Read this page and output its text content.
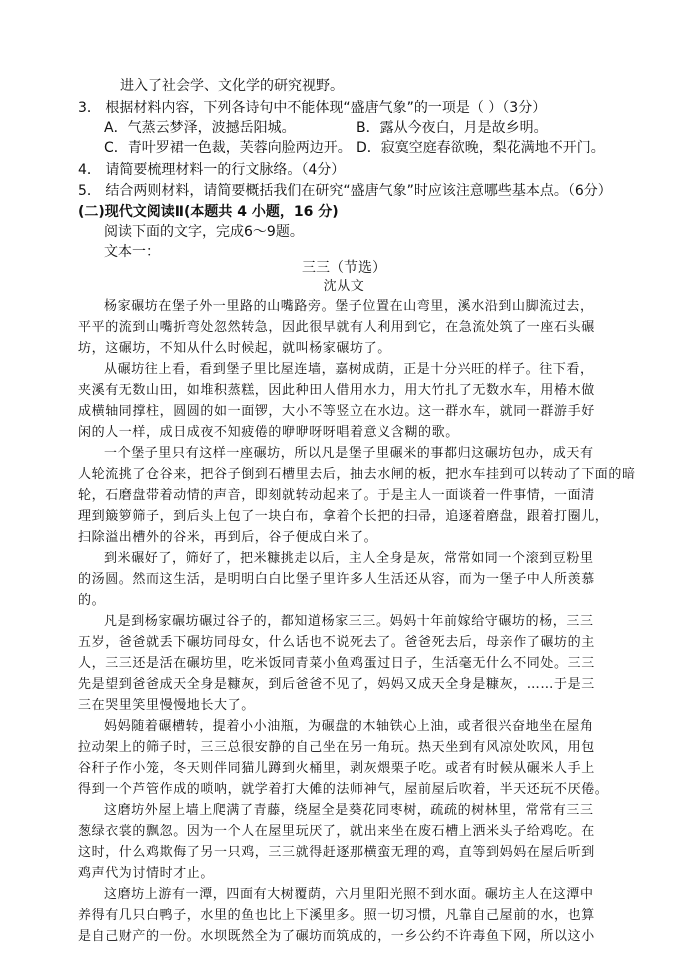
进入了社会学、文化学的研究视野。
3． 根据材料内容，下列各诗句中不能体现“盛唐气象”的一项是（ ）（3分）
A．气蒸云梦泽，波撼岳阳城。	B．露从今夜白，月是故乡明。
C．青叶罗裙一色裁，芙蓉向脸两边开。 D．寂寞空庭春欲晚，梨花满地不开门。
4． 请简要梳理材料一的行文脉络。（4分）
5． 结合两则材料，请简要概括我们在研究“盛唐气象”时应该注意哪些基本点。（6分）
(二)现代文阅读Ⅱ(本题共 4 小题，16 分)
阅读下面的文字，完成6～9题。
文本一：
三三（节选）
沈从文
杨家碾坊在堡子外一里路的山嘴路旁。堡子位置在山弯里，溪水沿到山脚流过去，
平平的流到山嘴折弯处忽然转急，因此很早就有人利用到它，在急流处筑了一座石头碾
坊，这碾坊，不知从什么时候起，就叫杨家碾坊了。
从碾坊往上看，看到堡子里比屋连墙，嘉树成荫，正是十分兴旺的样子。往下看，
夹溪有无数山田，如堆积蒸糕，因此种田人借用水力，用大竹扎了无数水车，用椿木做
成横轴同撑柱，圆圆的如一面锣，大小不等竖立在水边。这一群水车，就同一群游手好
闲的人一样，成日成夜不知疲倦的咿咿呀呀唱着意义含糊的歌。
一个堡子里只有这样一座碾坊，所以凡是堡子里碾米的事都归这碾坊包办，成天有
人轮流挑了仓谷来，把谷子倒到石槽里去后，抽去水闸的板，把水车挂到可以转动了下面的暗
轮，石磨盘带着动情的声音，即刻就转动起来了。于是主人一面谈着一件事情，一面清
理到簸箩筛子，到后头上包了一块白布，拿着个长把的扫帚，追逐着磨盘，跟着打圈儿，
扫除溢出槽外的谷米，再到后，谷子便成白米了。
到米碾好了，筛好了，把米糠挑走以后，主人全身是灰，常常如同一个滚到豆粉里
的汤圆。然而这生活，是明明白白比堡子里许多人生活还从容，而为一堡子中人所羡慕
的。
凡是到杨家碾坊碾过谷子的，都知道杨家三三。妈妈十年前嫁给守碾坊的杨，三三
五岁，爸爸就丢下碾坊同母女，什么话也不说死去了。爸爸死去后，母亲作了碾坊的主
人，三三还是活在碾坊里，吃米饭同青菜小鱼鸡蛋过日子，生活毫无什么不同处。三三
先是望到爸爸成天全身是糠灰，到后爸爸不见了，妈妈又成天全身是糠灰，……于是三
三在哭里笑里慢慢地长大了。
妈妈随着碾槽转，提着小小油瓶，为碾盘的木轴铁心上油，或者很兴奋地坐在屋角
拉动架上的筛子时，三三总很安静的自己坐在另一角玩。热天坐到有风凉处吹风，用包
谷秆子作小笼，冬天则伴同猫儿蹲到火桶里，剥灰煨栗子吃。或者有时候从碾米人手上
得到一个芦管作成的唢呐，就学着打大傩的法师神气，屋前屋后吹着，半天还玩不厌倦。
这磨坊外屋上墙上爬满了青藤，绕屋全是葵花同枣树，疏疏的树林里，常常有三三
葱绿衣裳的飘忽。因为一个人在屋里玩厌了，就出来坐在废石槽上洒米头子给鸡吃。在
这时，什么鸡欺侮了另一只鸡，三三就得赶逐那横蛮无理的鸡，直等到妈妈在屋后听到
鸡声代为讨情时才止。
这磨坊上游有一潭，四面有大树覆荫，六月里阳光照不到水面。碾坊主人在这潭中
养得有几只白鸭子，水里的鱼也比上下溪里多。照一切习惯，凡靠自己屋前的水，也算
是自己财产的一份。水坝既然全为了碾坊而筑成的，一乡公约不许毒鱼下网，所以这小
